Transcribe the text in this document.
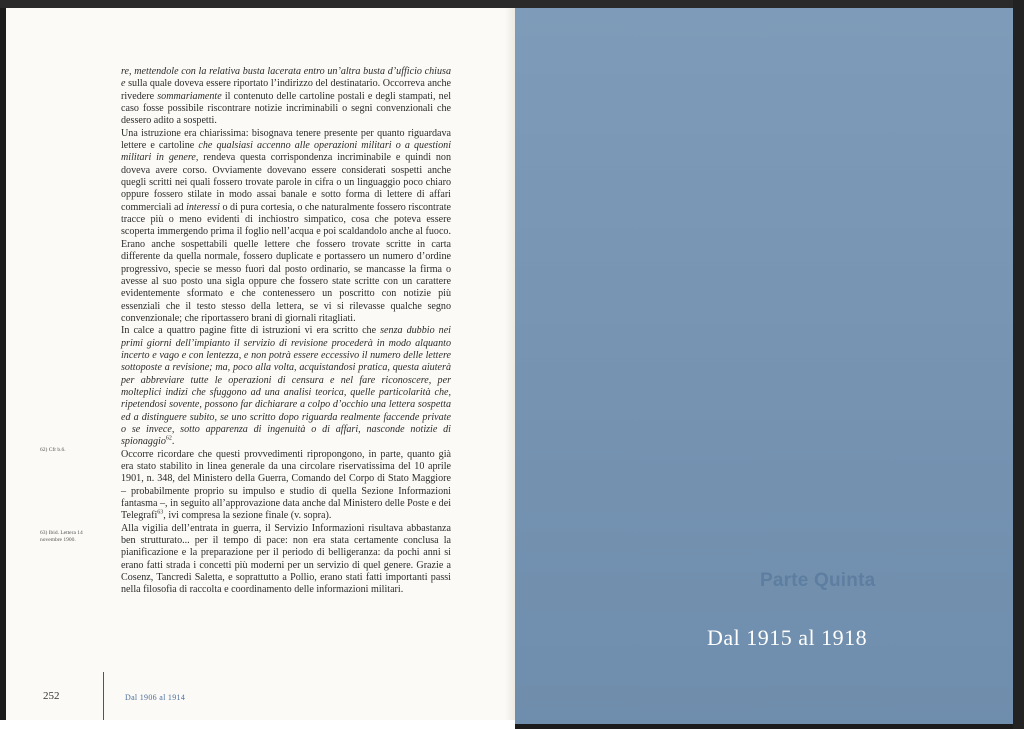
re, mettendole con la relativa busta lacerata entro un’altra busta d’ufficio chiusa e sulla quale doveva essere riportato l’indirizzo del destinatario. Occorreva anche rivedere sommariamente il contenuto delle cartoline postali e degli stampati, nel caso fosse possibile riscontrare notizie incriminabili o segni convenzionali che dessero adito a sospetti.

Una istruzione era chiarissima: bisognava tenere presente per quanto riguardava lettere e cartoline che qualsiasi accenno alle operazioni militari o a questioni militari in genere, rendeva questa corrispondenza incriminabile e quindi non doveva avere corso. Ovviamente dovevano essere considerati sospetti anche quegli scritti nei quali fossero trovate parole in cifra o un linguaggio poco chiaro oppure fossero stilate in modo assai banale e sotto forma di lettere di affari commerciali ad interessi o di pura cortesia, o che naturalmente fossero riscontrate tracce più o meno evidenti di inchiostro simpatico, cosa che poteva essere scoperta immergendo prima il foglio nell’acqua e poi scaldandolo anche al fuoco. Erano anche sospettabili quelle lettere che fossero trovate scritte in carta differente da quella normale, fossero duplicate e portassero un numero d’ordine progressivo, specie se messo fuori dal posto ordinario, se mancasse la firma o avesse al suo posto una sigla oppure che fossero state scritte con un carattere evidentemente sformato e che contenessero un poscritto con notizie più essenziali che il testo stesso della lettera, se vi si rilevasse qualche segno convenzionale; che riportassero brani di giornali ritagliati.

In calce a quattro pagine fitte di istruzioni vi era scritto che senza dubbio nei primi giorni dell’impianto il servizio di revisione procederà in modo alquanto incerto e vago e con lentezza, e non potrà essere eccessivo il numero delle lettere sottoposte a revisione; ma, poco alla volta, acquistandosi pratica, questa aiuterà per abbreviare tutte le operazioni di censura e nel fare riconoscere, per molteplici indizi che sfuggono ad una analisi teorica, quelle particolarità che, ripetendosi sovente, possono far dichiarare a colpo d’occhio una lettera sospetta ed a distinguere subito, se uno scritto dopo riguarda realmente faccende private o se invece, sotto apparenza di ingenuità o di affari, nasconde notizie di spionaggio$^{62}$.

Occorre ricordare che questi provvedimenti ripropongono, in parte, quanto già era stato stabilito in linea generale da una circolare riservatissima del 10 aprile 1901, n. 348, del Ministero della Guerra, Comando del Corpo di Stato Maggiore – probabilmente proprio su impulso e studio di quella Sezione Informazioni fantasma –, in seguito all’approvazione data anche dal Ministero delle Poste e dei Telegrafi$^{63}$, ivi compresa la sezione finale (v. sopra).

Alla vigilia dell’entrata in guerra, il Servizio Informazioni risultava abbastanza ben strutturato... per il tempo di pace: non era stata certamente conclusa la pianificazione e la preparazione per il periodo di belligeranza: da pochi anni si erano fatti strada i concetti più moderni per un servizio di quel genere. Grazie a Cosenz, Tancredi Saletta, e soprattutto a Pollio, erano stati fatti importanti passi nella filosofia di raccolta e coordinamento delle informazioni militari.

62) Cfr b.6.
63) Ibid. Lettera 14 novembre 1900.
252	Dal 1906 al 1914
Parte Quinta
Dal 1915 al 1918
